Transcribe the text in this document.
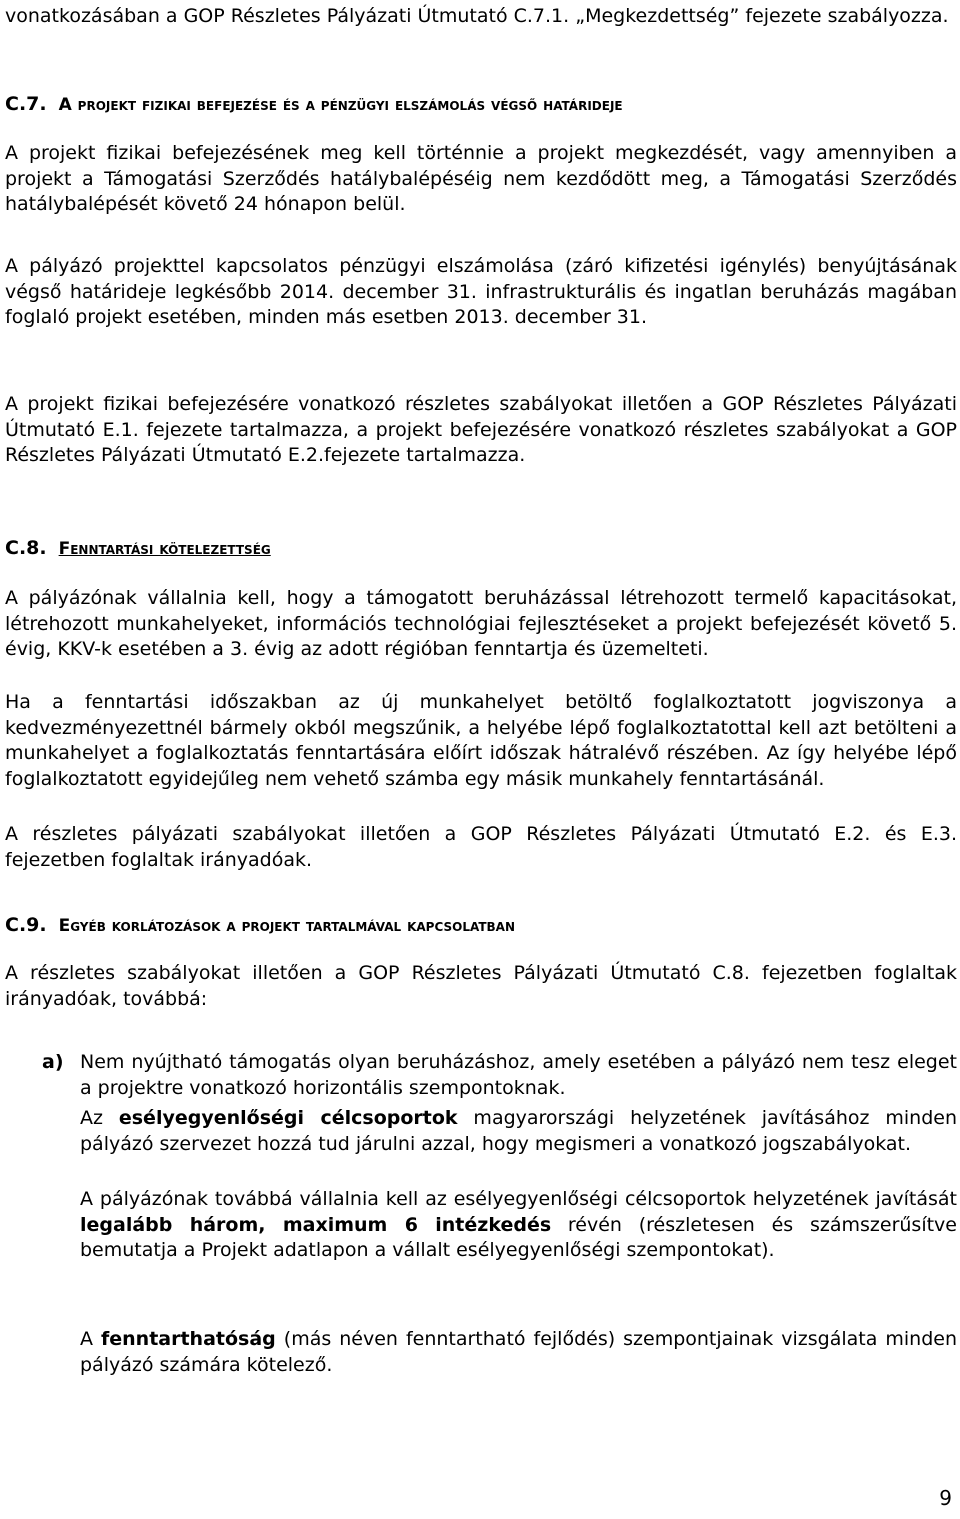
vonatkozásában a GOP Részletes Pályázati Útmutató C.7.1. „Megkezdettség” fejezete szabályozza.

C.7. A projekt fizikai befejezése és a pénzügyi elszámolás végső határideje

A projekt fizikai befejezésének meg kell történnie a projekt megkezdését, vagy amennyiben a projekt a Támogatási Szerződés hatálybalépéséig nem kezdődött meg, a Támogatási Szerződés hatálybalépését követő 24 hónapon belül.

A pályázó projekttel kapcsolatos pénzügyi elszámolása (záró kifizetési igénylés) benyújtásának végső határideje legkésőbb 2014. december 31. infrastrukturális és ingatlan beruházás magában foglaló projekt esetében, minden más esetben 2013. december 31.

A projekt fizikai befejezésére vonatkozó részletes szabályokat illetően a GOP Részletes Pályázati Útmutató E.1. fejezete tartalmazza, a projekt befejezésére vonatkozó részletes szabályokat a GOP Részletes Pályázati Útmutató E.2.fejezete tartalmazza.

C.8. Fenntartási kötelezettség

A pályázónak vállalnia kell, hogy a támogatott beruházással létrehozott termelő kapacitásokat, létrehozott munkahelyeket, információs technológiai fejlesztéseket a projekt befejezését követő 5. évig, KKV-k esetében a 3. évig az adott régióban fenntartja és üzemelteti.

Ha a fenntartási időszakban az új munkahelyet betöltő foglalkoztatott jogviszonya a kedvezményezettnél bármely okból megszűnik, a helyébe lépő foglalkoztatottal kell azt betölteni a munkahelyet a foglalkoztatás fenntartására előírt időszak hátralévő részében. Az így helyébe lépő foglalkoztatott egyidejűleg nem vehető számba egy másik munkahely fenntartásánál.

A részletes pályázati szabályokat illetően a GOP Részletes Pályázati Útmutató E.2. és E.3. fejezetben foglaltak irányadóak.

C.9. Egyéb korlátozások a projekt tartalmával kapcsolatban

A részletes szabályokat illetően a GOP Részletes Pályázati Útmutató C.8. fejezetben foglaltak irányadóak, továbbá:

a) Nem nyújtható támogatás olyan beruházáshoz, amely esetében a pályázó nem tesz eleget a projektre vonatkozó horizontális szempontoknak.

Az esélyegyenlőségi célcsoportok magyarországi helyzetének javításához minden pályázó szervezet hozzá tud járulni azzal, hogy megismeri a vonatkozó jogszabályokat.

A pályázónak továbbá vállalnia kell az esélyegyenlőségi célcsoportok helyzetének javítását legalább három, maximum 6 intézkedés révén (részletesen és számszerűsítve bemutatja a Projekt adatlapon a vállalt esélyegyenlőségi szempontokat).

A fenntarthatóság (más néven fenntartható fejlődés) szempontjainak vizsgálata minden pályázó számára kötelező.

9
